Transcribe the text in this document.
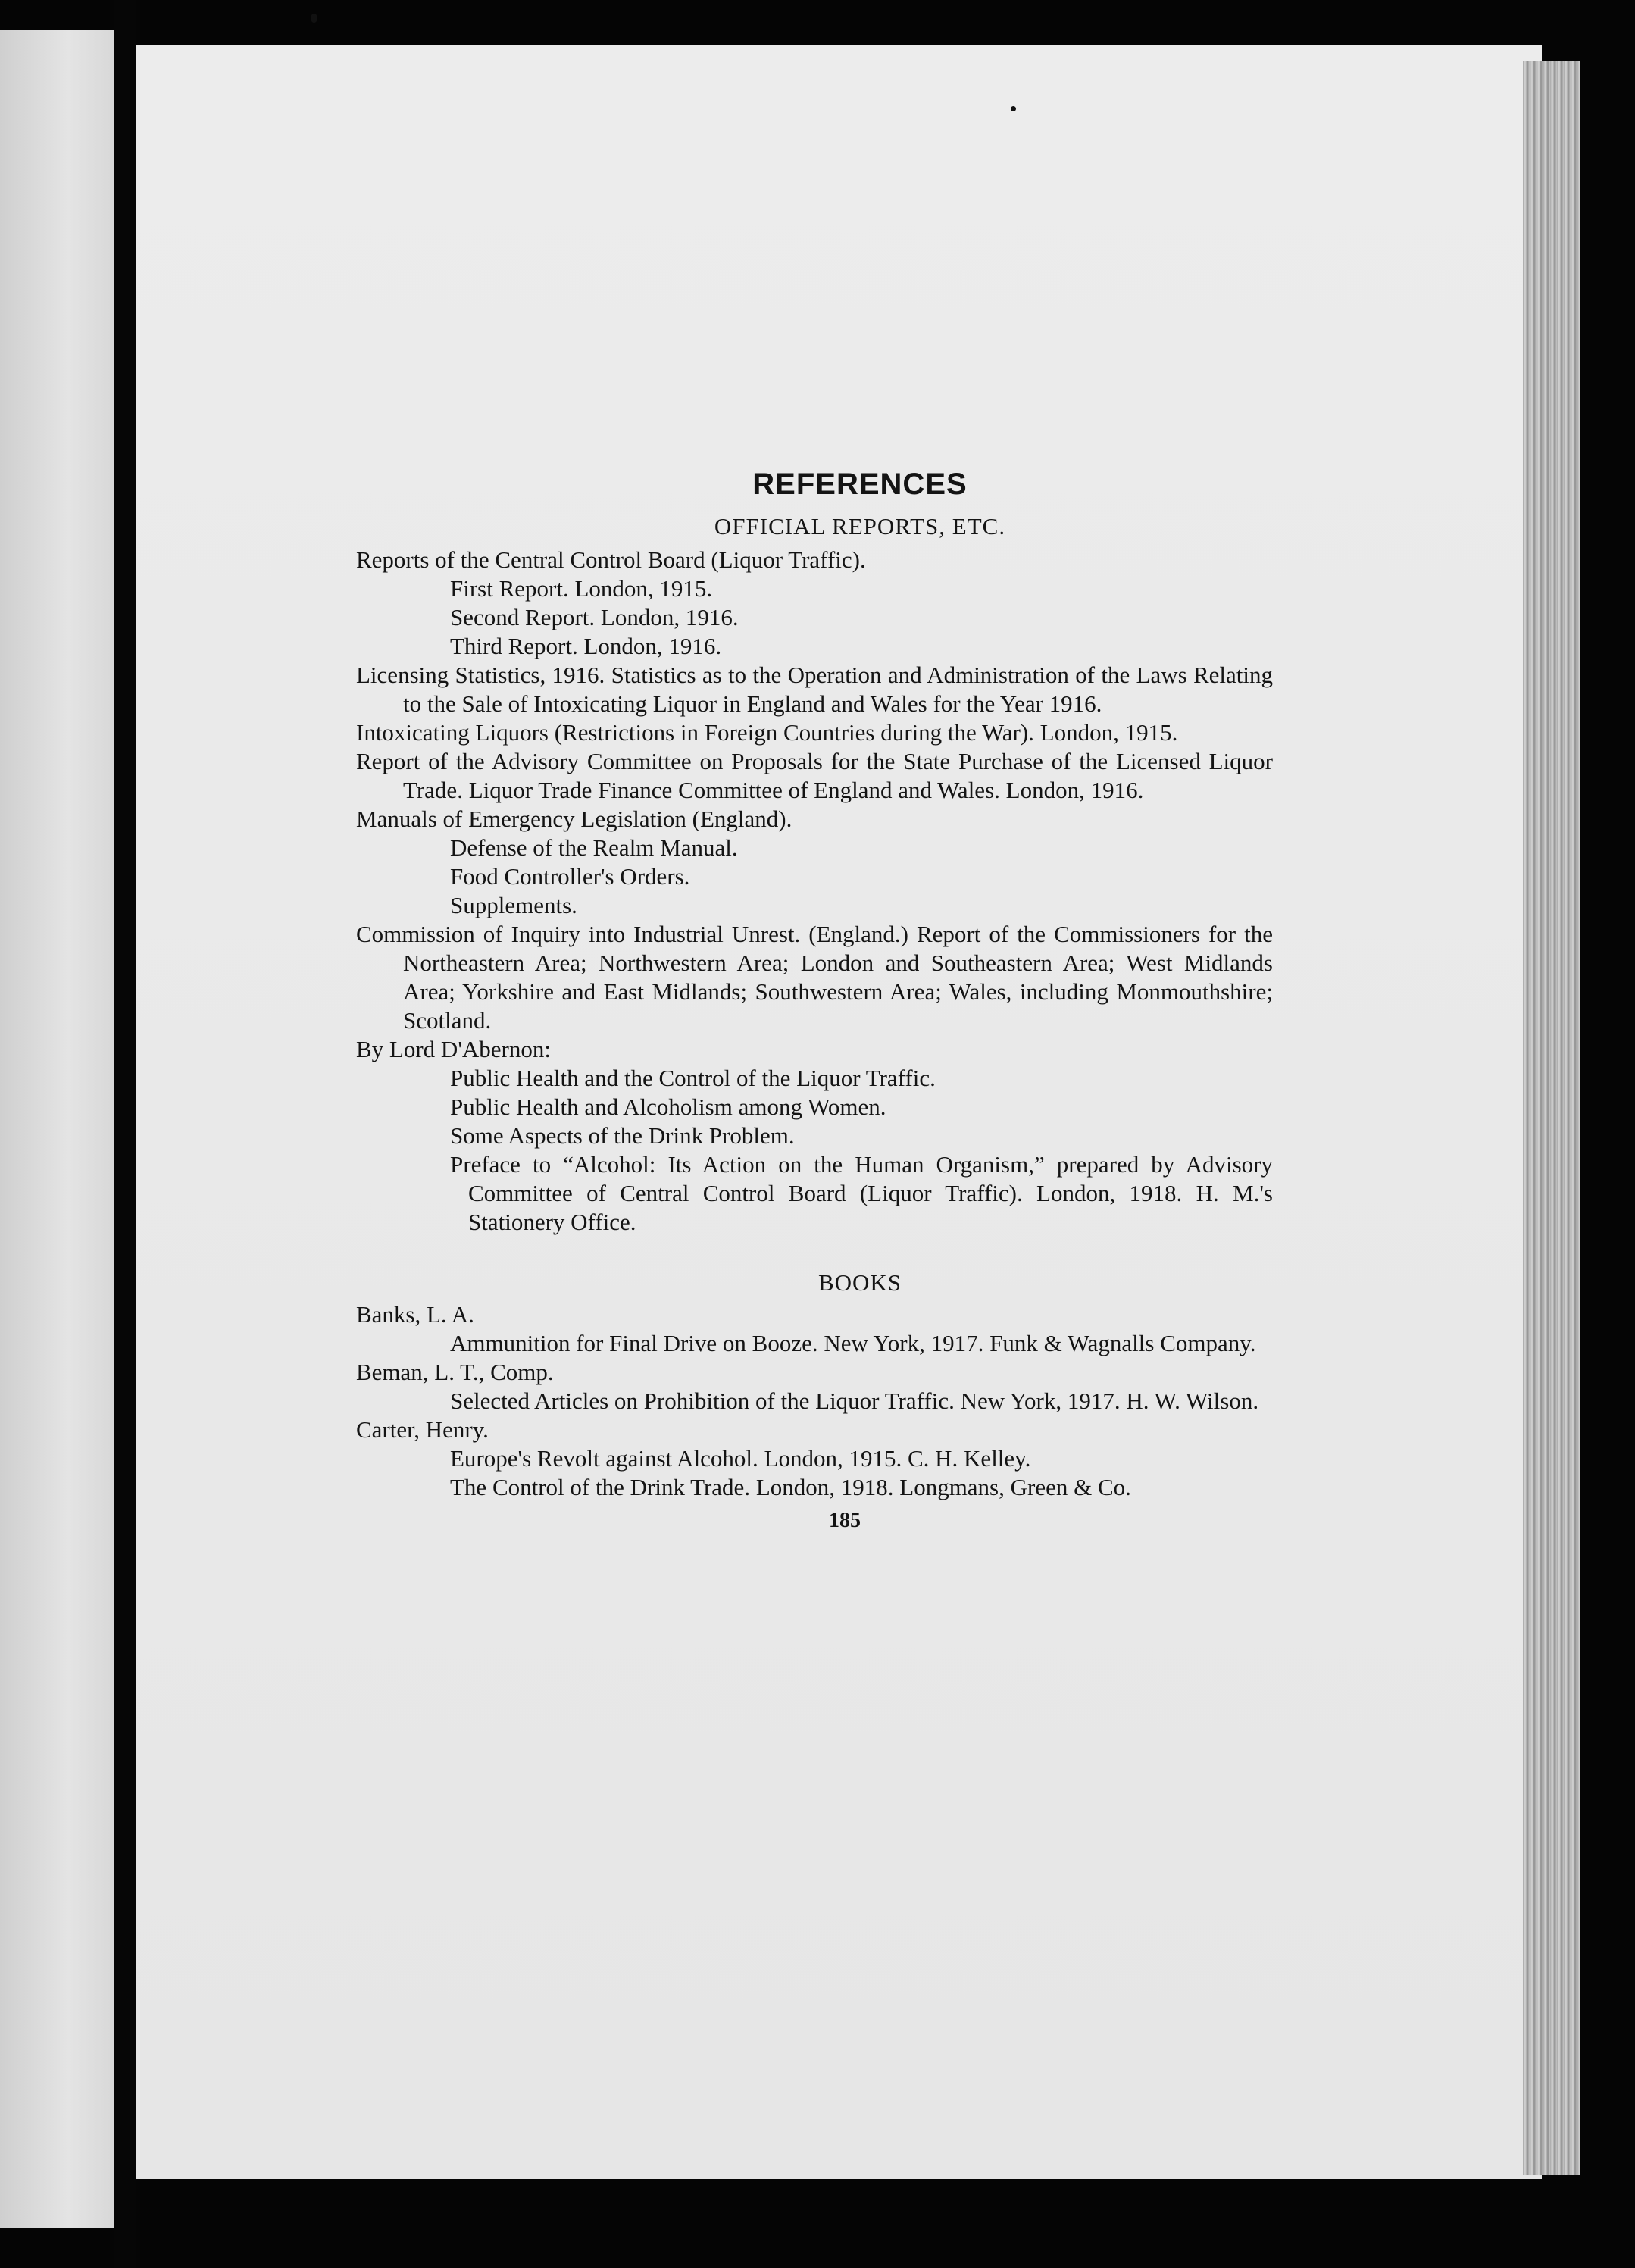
REFERENCES
OFFICIAL REPORTS, ETC.
Reports of the Central Control Board (Liquor Traffic).
First Report. London, 1915.
Second Report. London, 1916.
Third Report. London, 1916.
Licensing Statistics, 1916. Statistics as to the Operation and Administration of the Laws Relating to the Sale of Intoxicating Liquor in England and Wales for the Year 1916.
Intoxicating Liquors (Restrictions in Foreign Countries during the War). London, 1915.
Report of the Advisory Committee on Proposals for the State Purchase of the Licensed Liquor Trade. Liquor Trade Finance Committee of England and Wales. London, 1916.
Manuals of Emergency Legislation (England).
Defense of the Realm Manual.
Food Controller's Orders.
Supplements.
Commission of Inquiry into Industrial Unrest. (England.) Report of the Commissioners for the Northeastern Area; Northwestern Area; London and Southeastern Area; West Midlands Area; Yorkshire and East Midlands; Southwestern Area; Wales, including Monmouthshire; Scotland.
By Lord D'Abernon:
Public Health and the Control of the Liquor Traffic.
Public Health and Alcoholism among Women.
Some Aspects of the Drink Problem.
Preface to “Alcohol: Its Action on the Human Organism,” prepared by Advisory Committee of Central Control Board (Liquor Traffic). London, 1918. H. M.'s Stationery Office.
BOOKS
Banks, L. A.
Ammunition for Final Drive on Booze. New York, 1917. Funk & Wagnalls Company.
Beman, L. T., Comp.
Selected Articles on Prohibition of the Liquor Traffic. New York, 1917. H. W. Wilson.
Carter, Henry.
Europe's Revolt against Alcohol. London, 1915. C. H. Kelley.
The Control of the Drink Trade. London, 1918. Longmans, Green & Co.
185
